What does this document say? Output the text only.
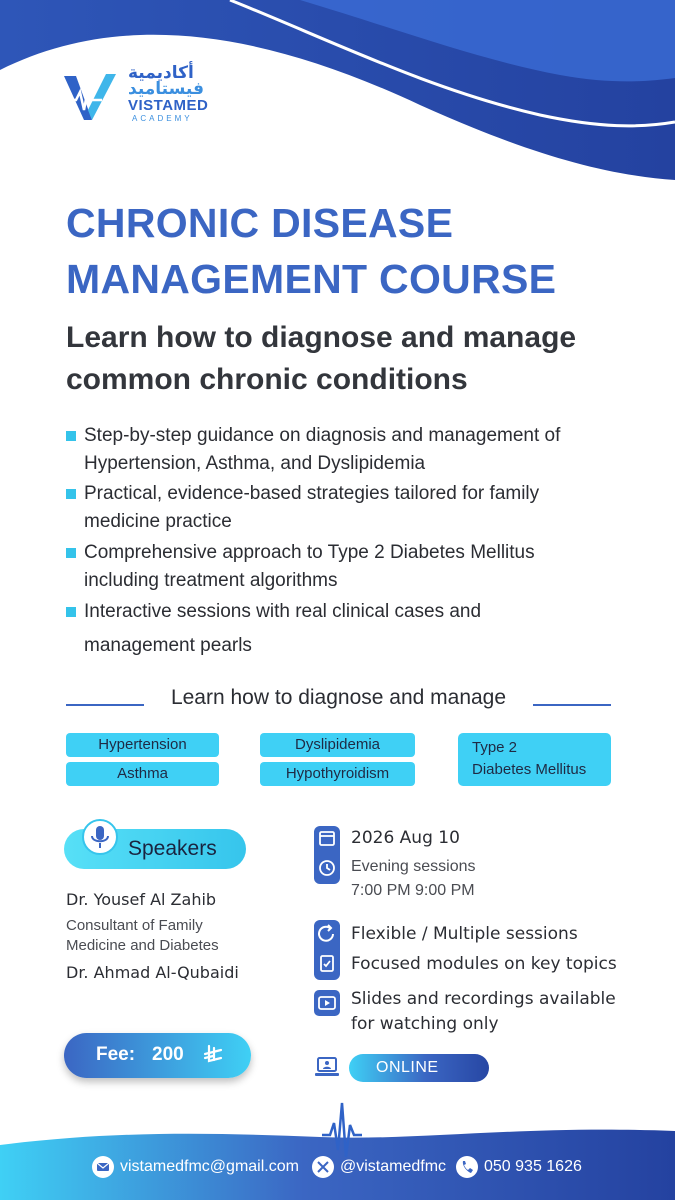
أكاديمية
فيستاميد
VISTAMED
ACADEMY
CHRONIC DISEASE
MANAGEMENT COURSE
Learn how to diagnose and manage
common chronic conditions
Step-by-step guidance on diagnosis and management of
Hypertension, Asthma, and Dyslipidemia
Practical, evidence-based strategies tailored for family
medicine practice
Comprehensive approach to Type 2 Diabetes Mellitus
including treatment algorithms
Interactive sessions with real clinical cases and
management pearls
Learn how to diagnose and manage
Hypertension
Asthma
Dyslipidemia
Hypothyroidism
Type 2
Diabetes Mellitus
Speakers
Dr. Yousef Al Zahib
Consultant of Family
Medicine and Diabetes
Dr. Ahmad Al-Qubaidi
Fee: 200
2026 Aug 10
Evening sessions
7:00 PM 9:00 PM
Flexible / Multiple sessions
Focused modules on key topics
Slides and recordings available
for watching only
ONLINE
vistamedfmc@gmail.com	@vistamedfmc 050 935 1626
